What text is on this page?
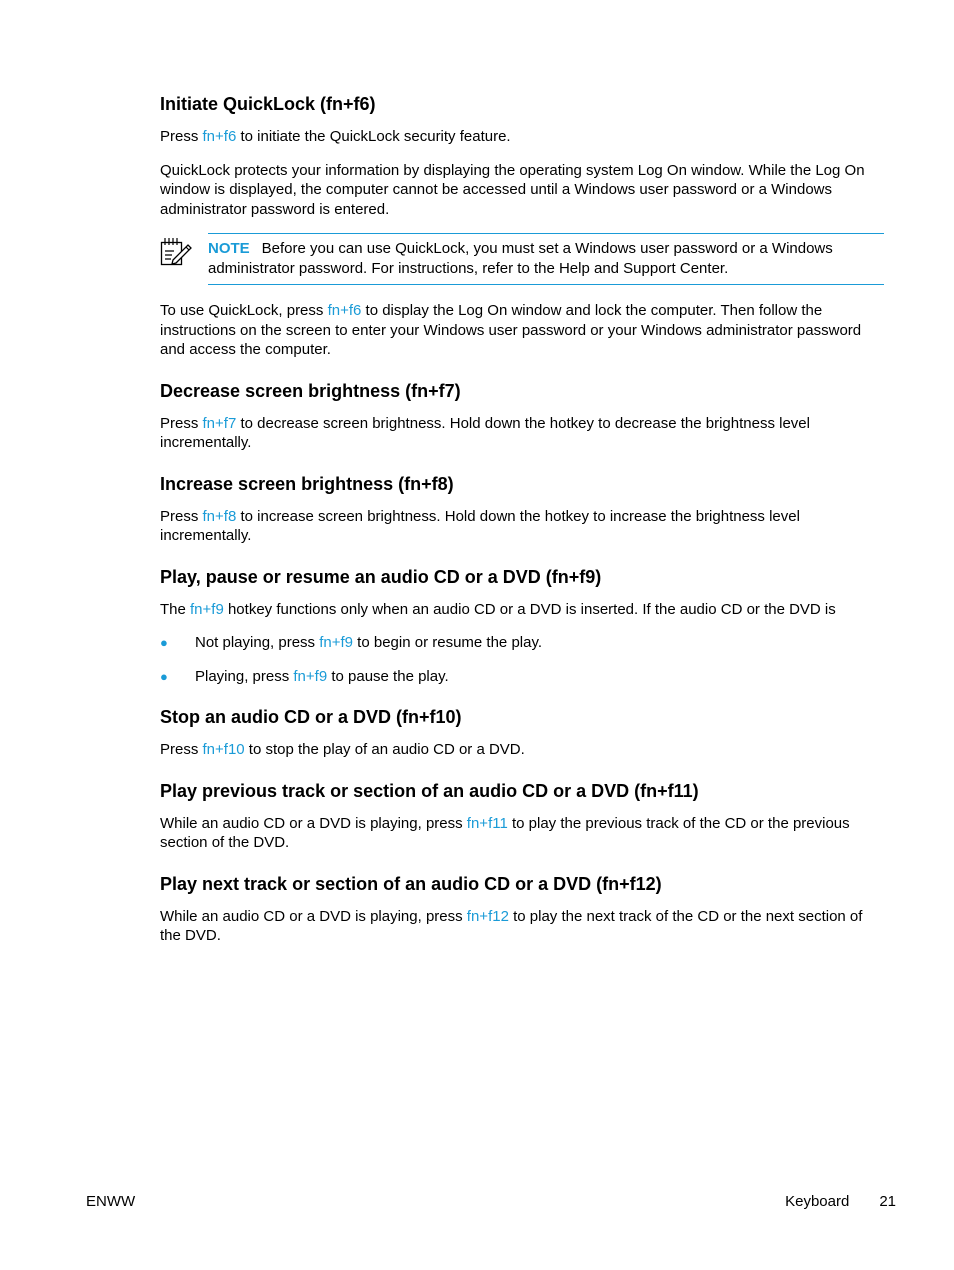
Initiate QuickLock (fn+f6)

Press fn+f6 to initiate the QuickLock security feature.

QuickLock protects your information by displaying the operating system Log On window. While the Log On window is displayed, the computer cannot be accessed until a Windows user password or a Windows administrator password is entered.

NOTE Before you can use QuickLock, you must set a Windows user password or a Windows administrator password. For instructions, refer to the Help and Support Center.

To use QuickLock, press fn+f6 to display the Log On window and lock the computer. Then follow the instructions on the screen to enter your Windows user password or your Windows administrator password and access the computer.

Decrease screen brightness (fn+f7)

Press fn+f7 to decrease screen brightness. Hold down the hotkey to decrease the brightness level incrementally.

Increase screen brightness (fn+f8)

Press fn+f8 to increase screen brightness. Hold down the hotkey to increase the brightness level incrementally.

Play, pause or resume an audio CD or a DVD (fn+f9)

The fn+f9 hotkey functions only when an audio CD or a DVD is inserted. If the audio CD or the DVD is

● Not playing, press fn+f9 to begin or resume the play.
● Playing, press fn+f9 to pause the play.
Stop an audio CD or a DVD (fn+f10)

Press fn+f10 to stop the play of an audio CD or a DVD.

Play previous track or section of an audio CD or a DVD (fn+f11)

While an audio CD or a DVD is playing, press fn+f11 to play the previous track of the CD or the previous section of the DVD.

Play next track or section of an audio CD or a DVD (fn+f12)

While an audio CD or a DVD is playing, press fn+f12 to play the next track of the CD or the next section of the DVD.

ENWW	Keyboard 21
